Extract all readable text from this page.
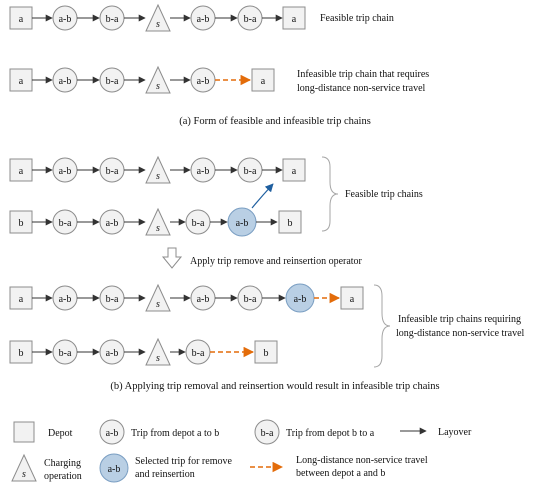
a	a-b	b-a	s	a-b	b-a	a Feasible trip chain
a	a-b	b-a	s	a-b	a
Infeasible trip chain that requires
long-distance non-service travel
(a) Form of feasible and infeasible trip chains
a	a-b	b-a	s	a-b	b-a	a
b	b-a	a-b	s	b-a	a-b	b
Feasible trip chains
Apply trip remove and reinsertion operator
a	a-b	b-a	s	a-b	b-a	a-b	a
b	b-a	a-b	s	b-a	b
Infeasible trip chains requiring
long-distance non-service travel
(b) Applying trip removal and reinsertion would result in infeasible trip chains
Depot	a-b Trip from depot a to b	b-a Trip from depot b to a	Layover
s
Charging
operation
a-b
Selected trip for remove
and reinsertion
Long-distance non-service travel
between depot a and b
